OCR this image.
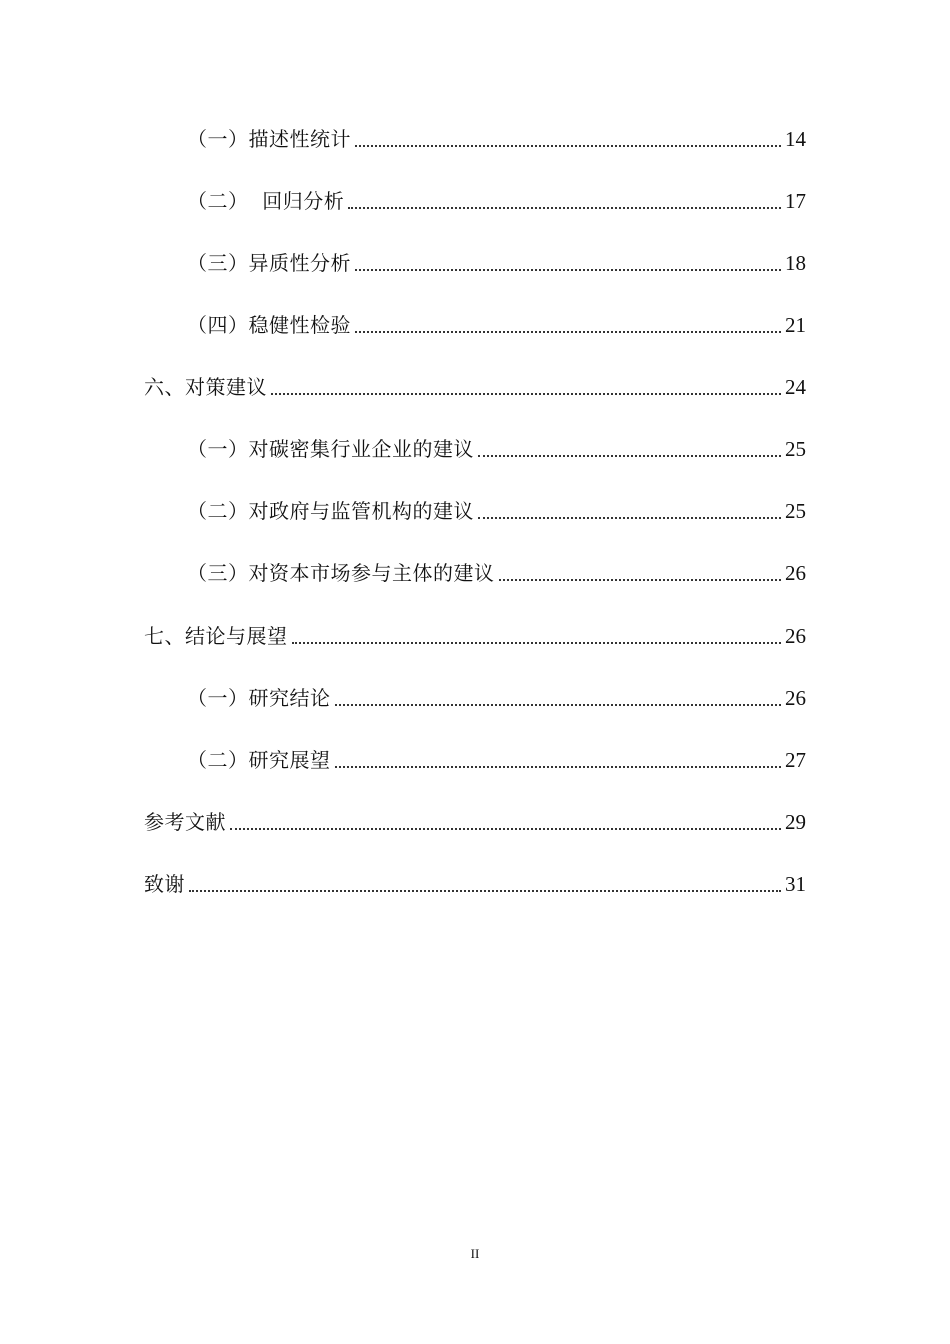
（一）描述性统计	14
（二）  回归分析	17
（三）异质性分析	18
（四）稳健性检验	21
六、对策建议	24
（一）对碳密集行业企业的建议	25
（二）对政府与监管机构的建议	25
（三）对资本市场参与主体的建议	26
七、结论与展望	26
（一）研究结论	26
（二）研究展望	27
参考文献	29
致谢	31
II
